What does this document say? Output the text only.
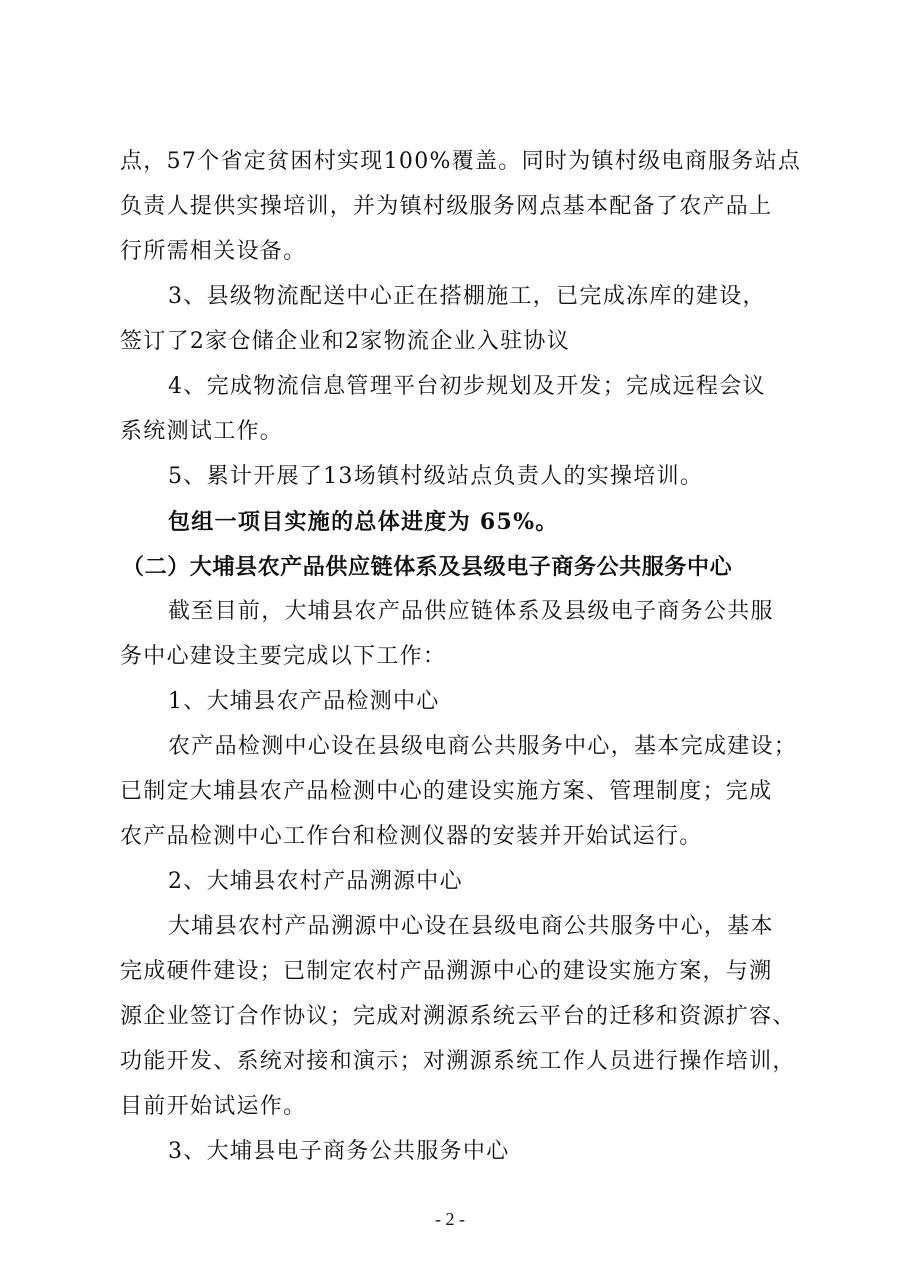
点，57个省定贫困村实现100%覆盖。同时为镇村级电商服务站点
负责人提供实操培训，并为镇村级服务网点基本配备了农产品上
行所需相关设备。
3、县级物流配送中心正在搭棚施工，已完成冻库的建设，
签订了2家仓储企业和2家物流企业入驻协议
4、完成物流信息管理平台初步规划及开发；完成远程会议
系统测试工作。
5、累计开展了13场镇村级站点负责人的实操培训。
包组一项目实施的总体进度为 65%。
（二）大埔县农产品供应链体系及县级电子商务公共服务中心
截至目前，大埔县农产品供应链体系及县级电子商务公共服
务中心建设主要完成以下工作：
1、大埔县农产品检测中心
农产品检测中心设在县级电商公共服务中心，基本完成建设；
已制定大埔县农产品检测中心的建设实施方案、管理制度；完成
农产品检测中心工作台和检测仪器的安装并开始试运行。
2、大埔县农村产品溯源中心
大埔县农村产品溯源中心设在县级电商公共服务中心，基本
完成硬件建设；已制定农村产品溯源中心的建设实施方案，与溯
源企业签订合作协议；完成对溯源系统云平台的迁移和资源扩容、
功能开发、系统对接和演示；对溯源系统工作人员进行操作培训，
目前开始试运作。
3、大埔县电子商务公共服务中心
- 2 -
